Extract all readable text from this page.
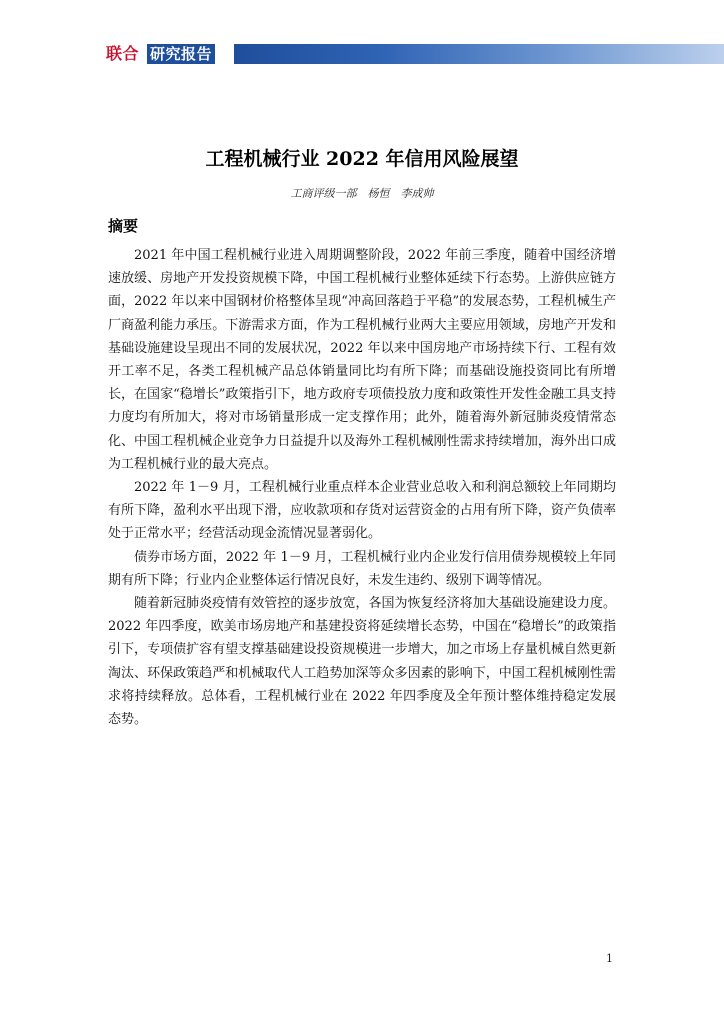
联合 研究报告
工程机械行业 2022 年信用风险展望
工商评级一部　杨恒　李成帅
摘要

2021 年中国工程机械行业进入周期调整阶段，2022 年前三季度，随着中国经济增速放缓、房地产开发投资规模下降，中国工程机械行业整体延续下行态势。上游供应链方面，2022 年以来中国钢材价格整体呈现“冲高回落趋于平稳”的发展态势，工程机械生产厂商盈利能力承压。下游需求方面，作为工程机械行业两大主要应用领域，房地产开发和基础设施建设呈现出不同的发展状况，2022 年以来中国房地产市场持续下行、工程有效开工率不足，各类工程机械产品总体销量同比均有所下降；而基础设施投资同比有所增长，在国家“稳增长”政策指引下，地方政府专项债投放力度和政策性开发性金融工具支持力度均有所加大，将对市场销量形成一定支撑作用；此外，随着海外新冠肺炎疫情常态化、中国工程机械企业竞争力日益提升以及海外工程机械刚性需求持续增加，海外出口成为工程机械行业的最大亮点。

2022 年 1－9 月，工程机械行业重点样本企业营业总收入和利润总额较上年同期均有所下降，盈利水平出现下滑，应收款项和存货对运营资金的占用有所下降，资产负债率处于正常水平；经营活动现金流情况显著弱化。

债券市场方面，2022 年 1－9 月，工程机械行业内企业发行信用债券规模较上年同期有所下降；行业内企业整体运行情况良好，未发生违约、级别下调等情况。

随着新冠肺炎疫情有效管控的逐步放宽，各国为恢复经济将加大基础设施建设力度。2022 年四季度，欧美市场房地产和基建投资将延续增长态势，中国在“稳增长”的政策指引下，专项债扩容有望支撑基础建设投资规模进一步增大，加之市场上存量机械自然更新淘汰、环保政策趋严和机械取代人工趋势加深等众多因素的影响下，中国工程机械刚性需求将持续释放。总体看，工程机械行业在 2022 年四季度及全年预计整体维持稳定发展态势。

1
